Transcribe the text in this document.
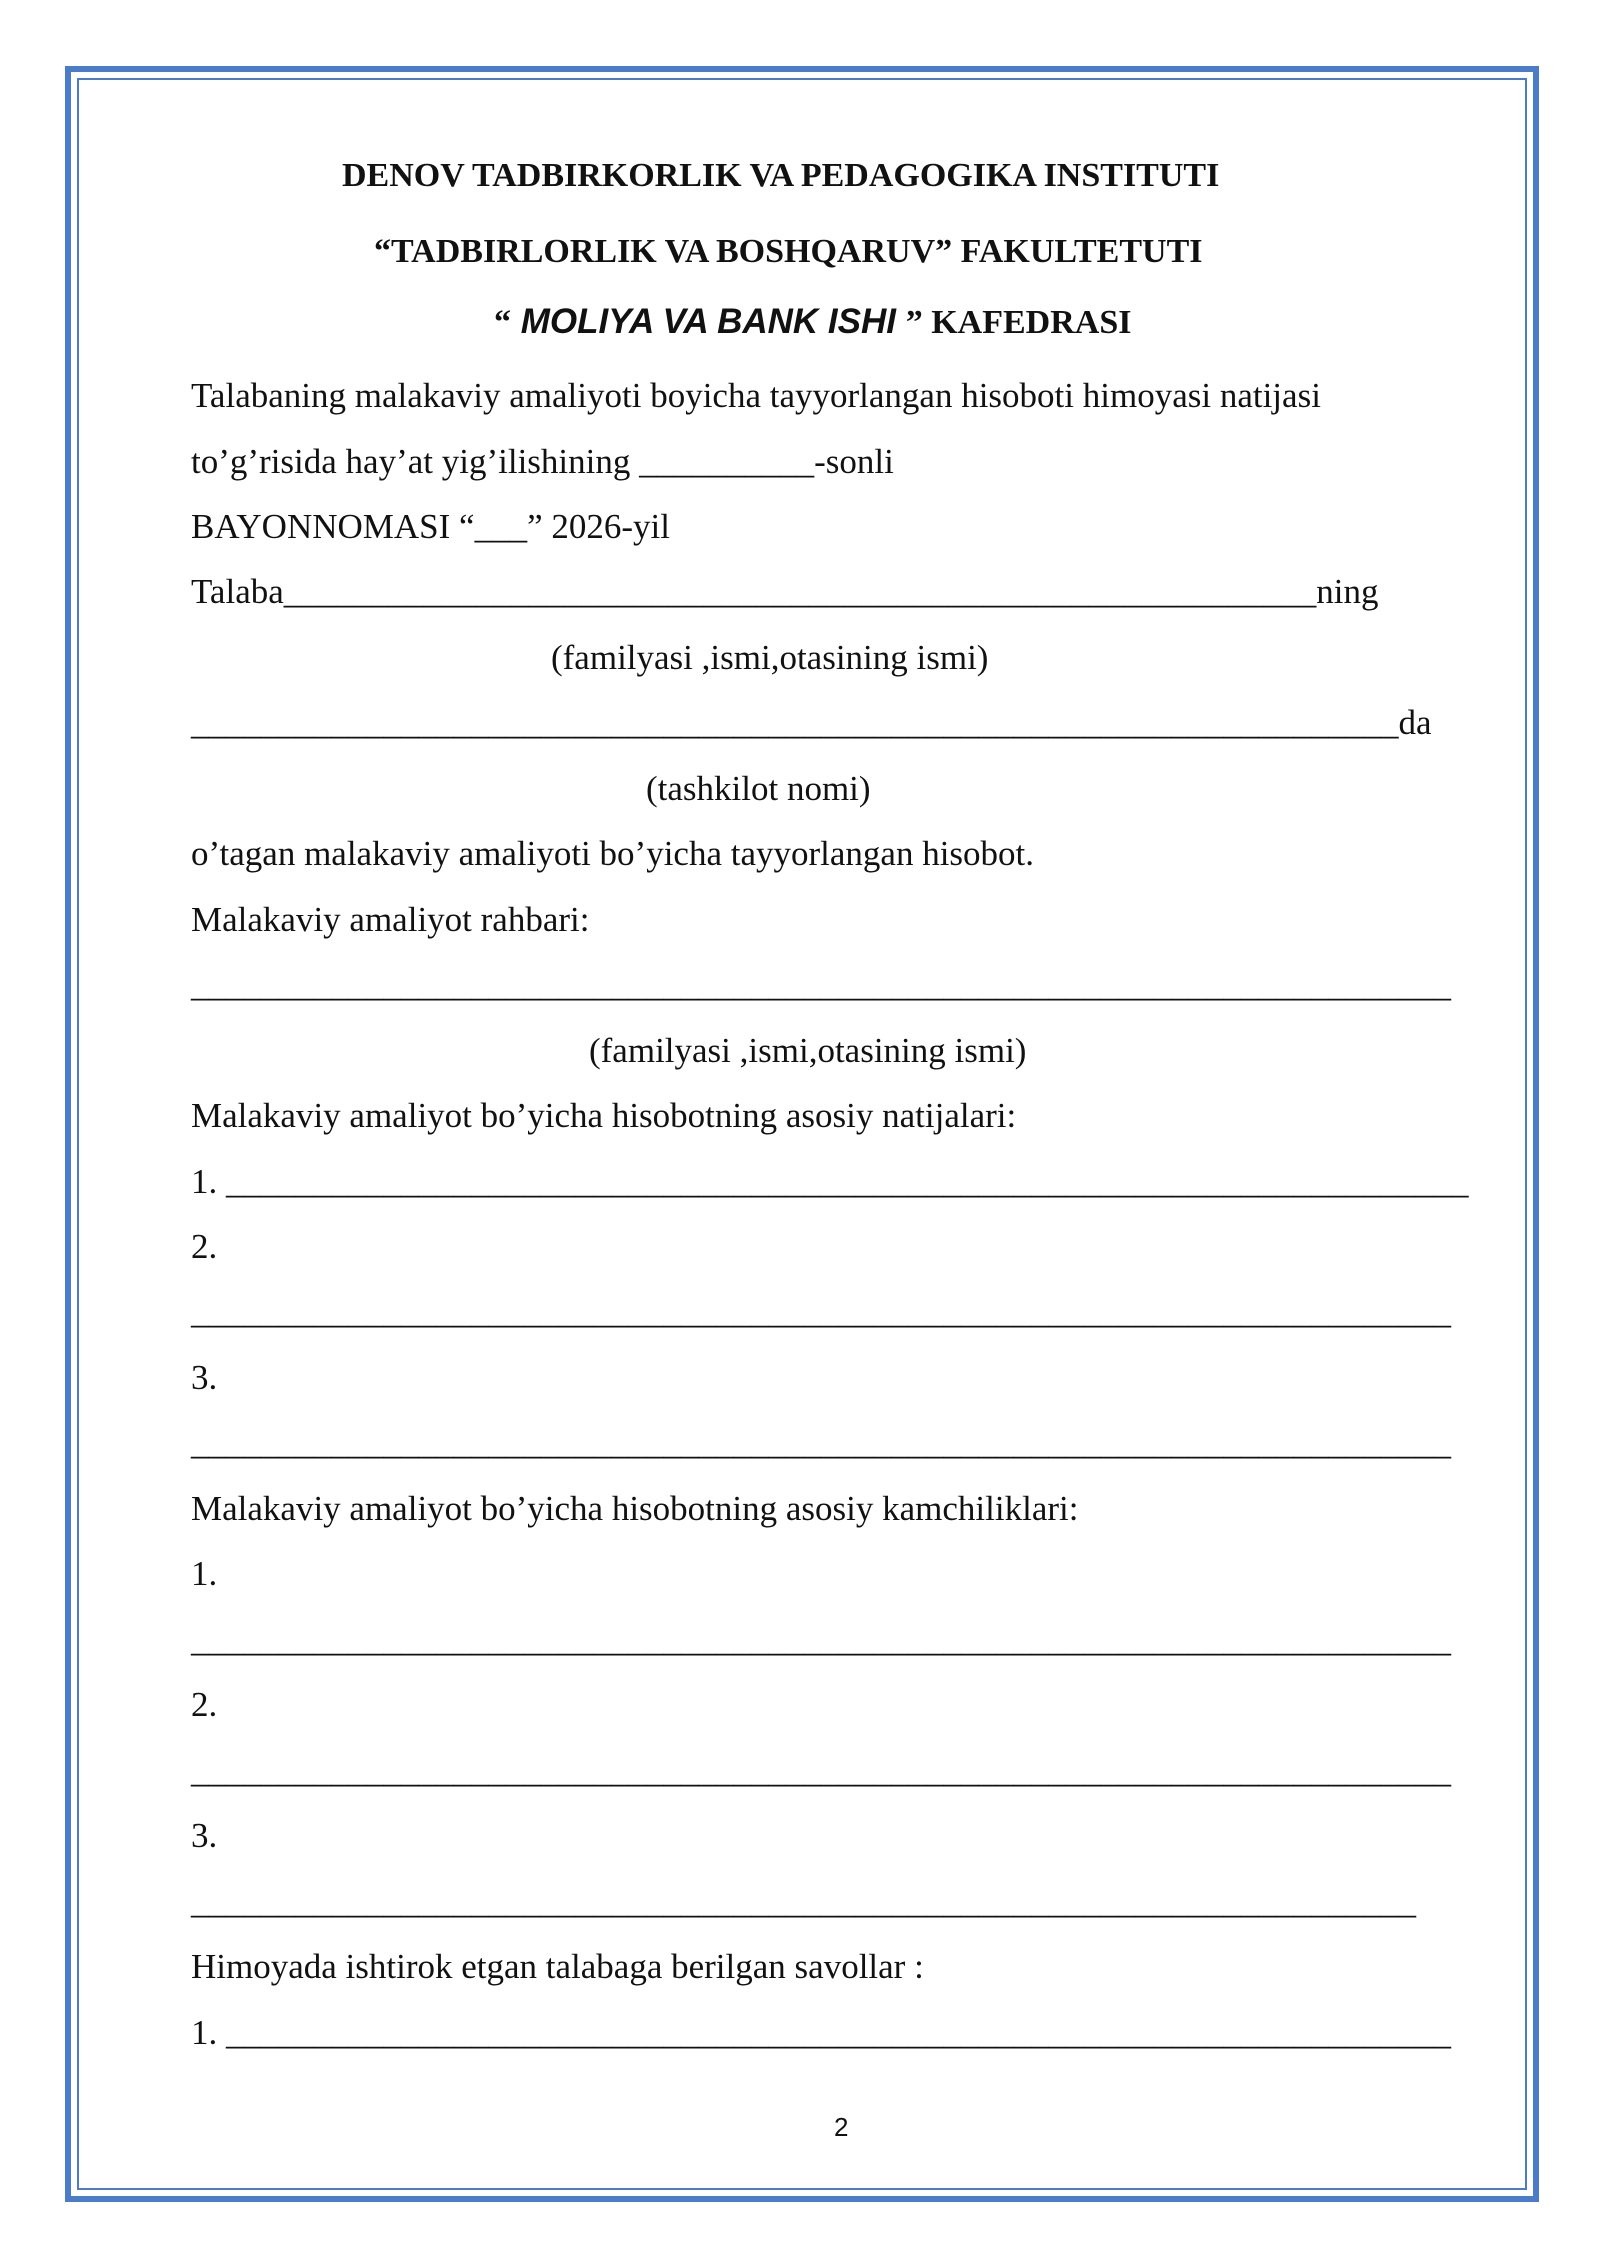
DENOV TADBIRKORLIK VA PEDAGOGIKA INSTITUTI
“TADBIRLORLIK VA BOSHQARUV” FAKULTETUTI
“ MOLIYA VA BANK ISHI ” KAFEDRASI
Talabaning malakaviy amaliyoti boyicha tayyorlangan hisoboti himoyasi natijasi
to’g’risida hay’at yig’ilishining __________-sonli
BAYONNOMASI “___” 2026-yil
Talaba___________________________________________________________ning
(familyasi ,ismi,otasining ismi)
_____________________________________________________________________da
(tashkilot nomi)
o’tagan malakaviy amaliyoti bo’yicha tayyorlangan hisobot.
Malakaviy amaliyot rahbari:
________________________________________________________________________
(familyasi ,ismi,otasining ismi)
Malakaviy amaliyot bo’yicha hisobotning asosiy natijalari:
1. _______________________________________________________________________
2.
________________________________________________________________________
3.
________________________________________________________________________
Malakaviy amaliyot bo’yicha hisobotning asosiy kamchiliklari:
1.
________________________________________________________________________
2.
________________________________________________________________________
3.
______________________________________________________________________
Himoyada ishtirok etgan talabaga berilgan savollar :
1. ______________________________________________________________________
2
